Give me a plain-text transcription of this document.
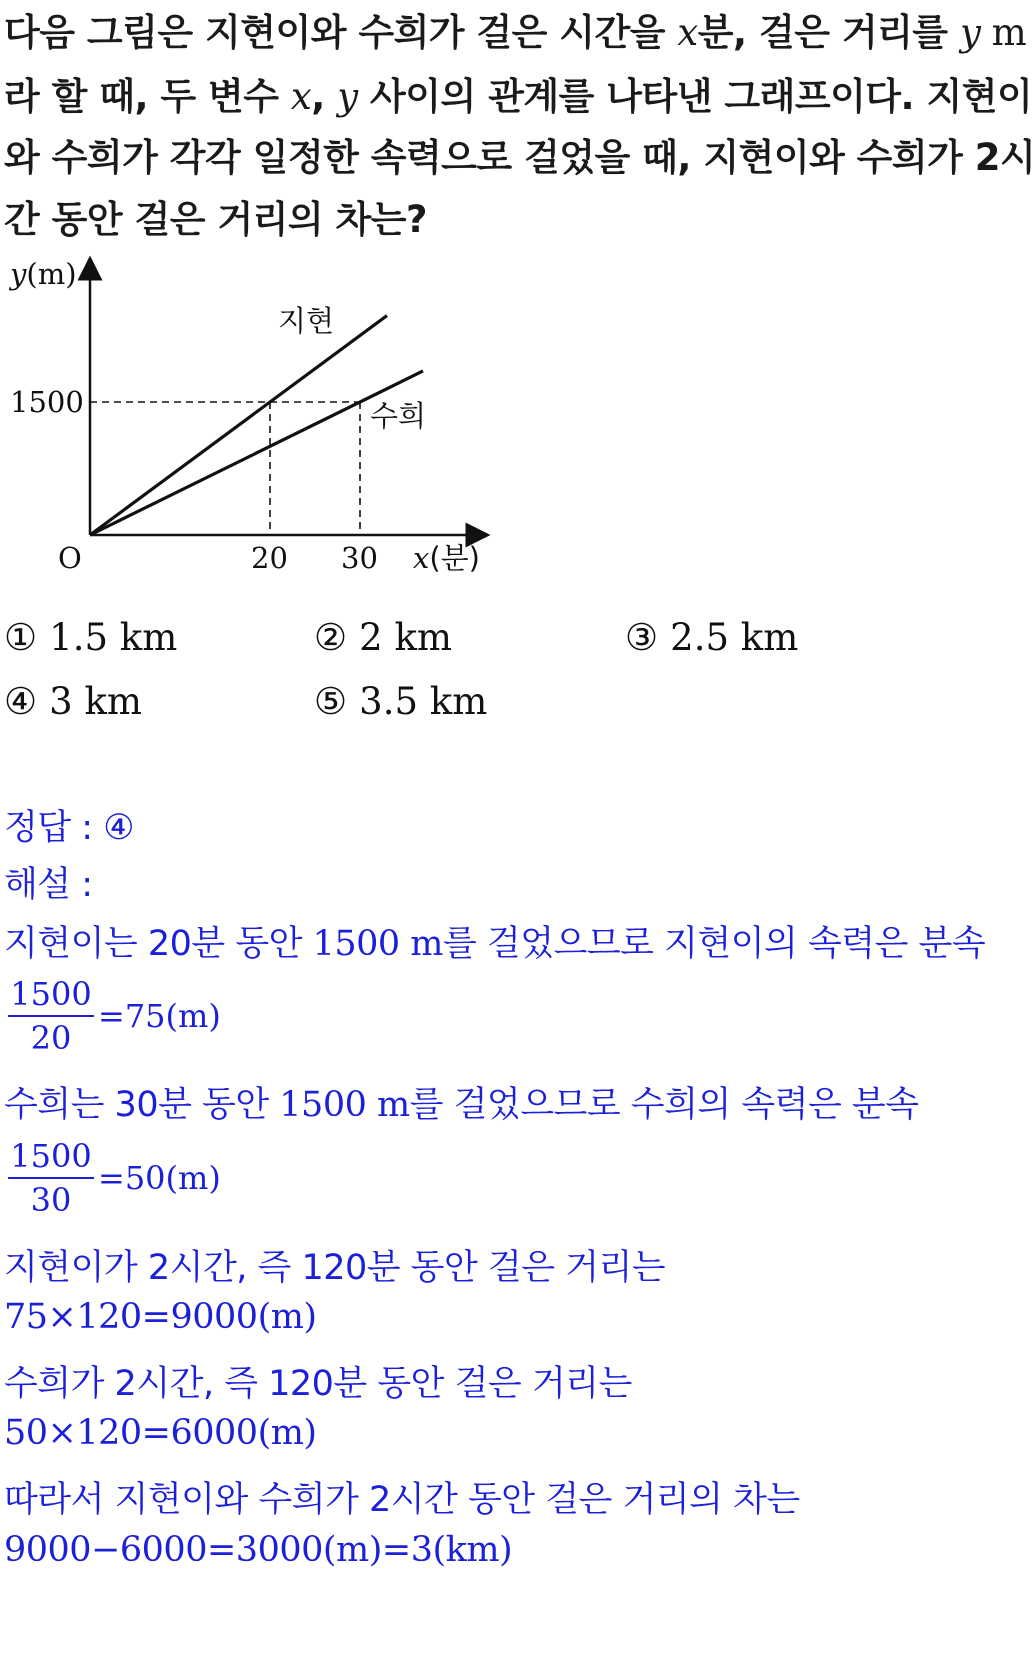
다음 그림은 지현이와 수희가 걸은 시간을 x분, 걸은 거리를 y m
라 할 때, 두 변수 x, y 사이의 관계를 나타낸 그래프이다. 지현이
와 수희가 각각 일정한 속력으로 걸었을 때, 지현이와 수희가 2시
간 동안 걸은 거리의 차는?
y(m)
x(분)
O
1500
20 30
지현
수희
① 1.5 km	② 2 km	③ 2.5 km
④ 3 km	⑤ 3.5 km
정답 : ④
해설 :
지현이는 20분 동안 1500 m를 걸었으므로 지현이의 속력은 분속
1500
20
=75(m)
수희는 30분 동안 1500 m를 걸었으므로 수희의 속력은 분속
1500
30
=50(m)
지현이가 2시간, 즉 120분 동안 걸은 거리는
75×120=9000(m)
수희가 2시간, 즉 120분 동안 걸은 거리는
50×120=6000(m)
따라서 지현이와 수희가 2시간 동안 걸은 거리의 차는
9000−6000=3000(m)=3(km)
